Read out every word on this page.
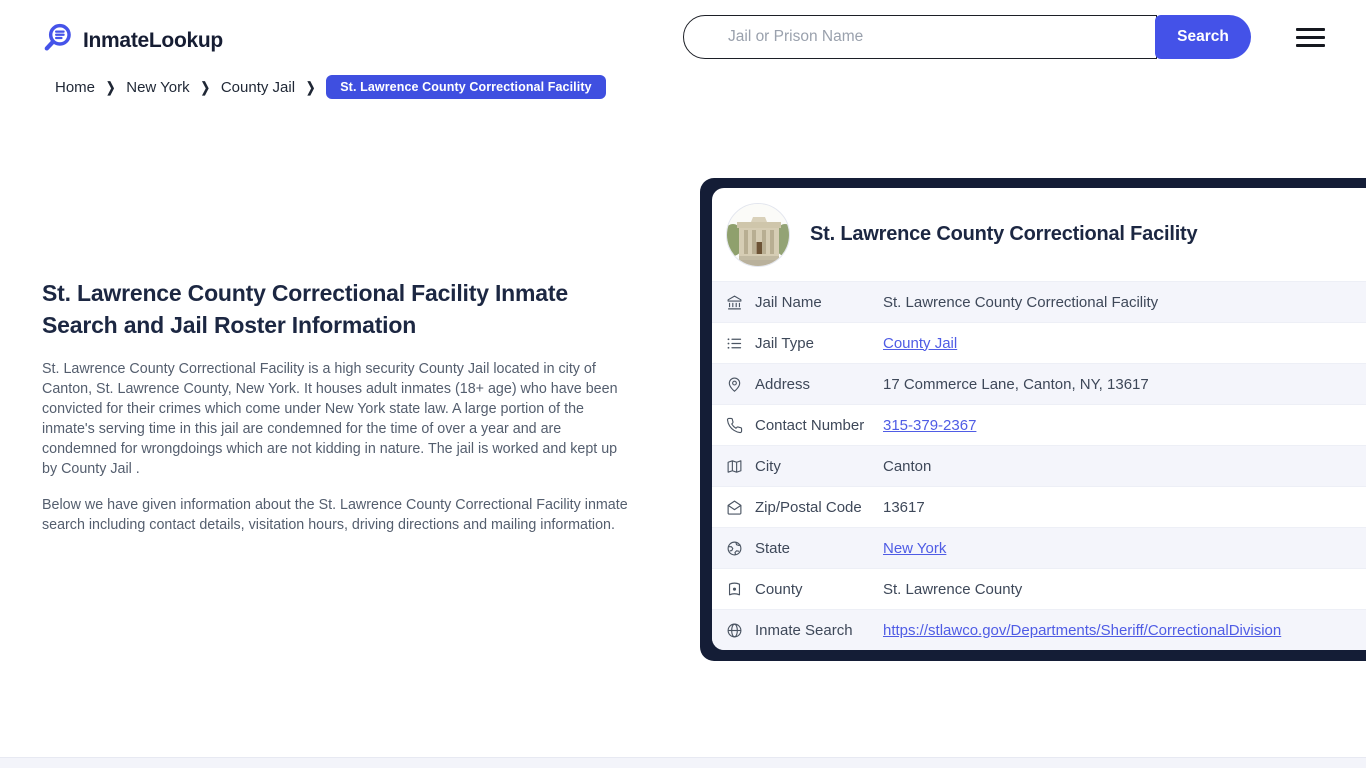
InmateLookup
Jail or Prison Name	Search
Home ❯ New York ❯ County Jail ❯	St. Lawrence County Correctional Facility
St. Lawrence County Correctional Facility Inmate Search and Jail Roster Information

St. Lawrence County Correctional Facility is a high security County Jail located in city of Canton, St. Lawrence County, New York. It houses adult inmates (18+ age) who have been convicted for their crimes which come under New York state law. A large portion of the inmate's serving time in this jail are condemned for the time of over a year and are condemned for wrongdoings which are not kidding in nature. The jail is worked and kept up by County Jail .

Below we have given information about the St. Lawrence County Correctional Facility inmate search including contact details, visitation hours, driving directions and mailing information.

St. Lawrence County Correctional Facility
Jail Name	St. Lawrence County Correctional Facility
Jail Type	County Jail
Address	17 Commerce Lane, Canton, NY, 13617
Contact Number	315-379-2367
City	Canton
Zip/Postal Code	13617
State	New York
County	St. Lawrence County
Inmate Search	https://stlawco.gov/Departments/Sheriff/CorrectionalDivision
